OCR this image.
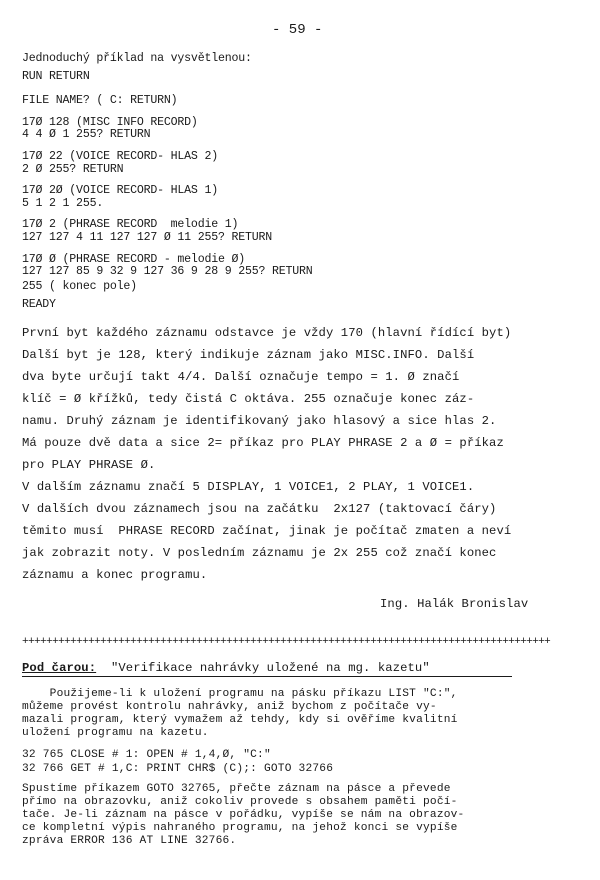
- 59 -
Jednoduchý příklad na vysvětlenou:
RUN RETURN
FILE NAME? ( C: RETURN)
17Ø 128 (MISC INFO RECORD)
4 4 Ø 1 255? RETURN
17Ø 22 (VOICE RECORD- HLAS 2)
2 Ø 255? RETURN
17Ø 2Ø (VOICE RECORD- HLAS 1)
5 1 2 1 255.
17Ø 2 (PHRASE RECORD  melodie 1)
127 127 4 11 127 127 Ø 11 255? RETURN
17Ø Ø (PHRASE RECORD - melodie Ø)
127 127 85 9 32 9 127 36 9 28 9 255? RETURN
255 ( konec pole)
READY
První byt každého záznamu odstavce je vždy 170 (hlavní řídící byt)
Další byt je 128, který indikuje záznam jako MISC.INFO. Další
dva byte určují takt 4/4. Další označuje tempo = 1. Ø značí
klíč = Ø křížků, tedy čistá C oktáva. 255 označuje konec záz-
namu. Druhý záznam je identifikovaný jako hlasový a sice hlas 2.
Má pouze dvě data a sice 2= příkaz pro PLAY PHRASE 2 a Ø = příkaz
pro PLAY PHRASE Ø.
V dalším záznamu značí 5 DISPLAY, 1 VOICE1, 2 PLAY, 1 VOICE1.
V dalších dvou záznamech jsou na začátku  2x127 (taktovací čáry)
těmito musí  PHRASE RECORD začínat, jinak je počítač zmaten a neví
jak zobrazit noty. V posledním záznamu je 2x 255 což značí konec
záznamu a konec programu.
Ing. Halák Bronislav
++++++++++++++++++++++++++++++++++++++++++++++++++++++++++++++++++++++++++++++++++++++++
Pod čarou: "Verifikace nahrávky uložené na mg. kazetu"
Použijeme-li k uložení programu na pásku příkazu LIST "C:",
můžeme provést kontrolu nahrávky, aniž bychom z počítače vy-
mazali program, který vymažem až tehdy, kdy si ověříme kvalitní
uložení programu na kazetu.
32 765 CLOSE # 1: OPEN # 1,4,Ø, "C:"
32 766 GET # 1,C: PRINT CHR$ (C);: GOTO 32766
Spustíme příkazem GOTO 32765, přečte záznam na pásce a převede
přímo na obrazovku, aniž cokoliv provede s obsahem paměti počí-
tače. Je-li záznam na pásce v pořádku, vypíše se nám na obrazov-
ce kompletní výpis nahraného programu, na jehož konci se vypíše
zpráva ERROR 136 AT LINE 32766.
